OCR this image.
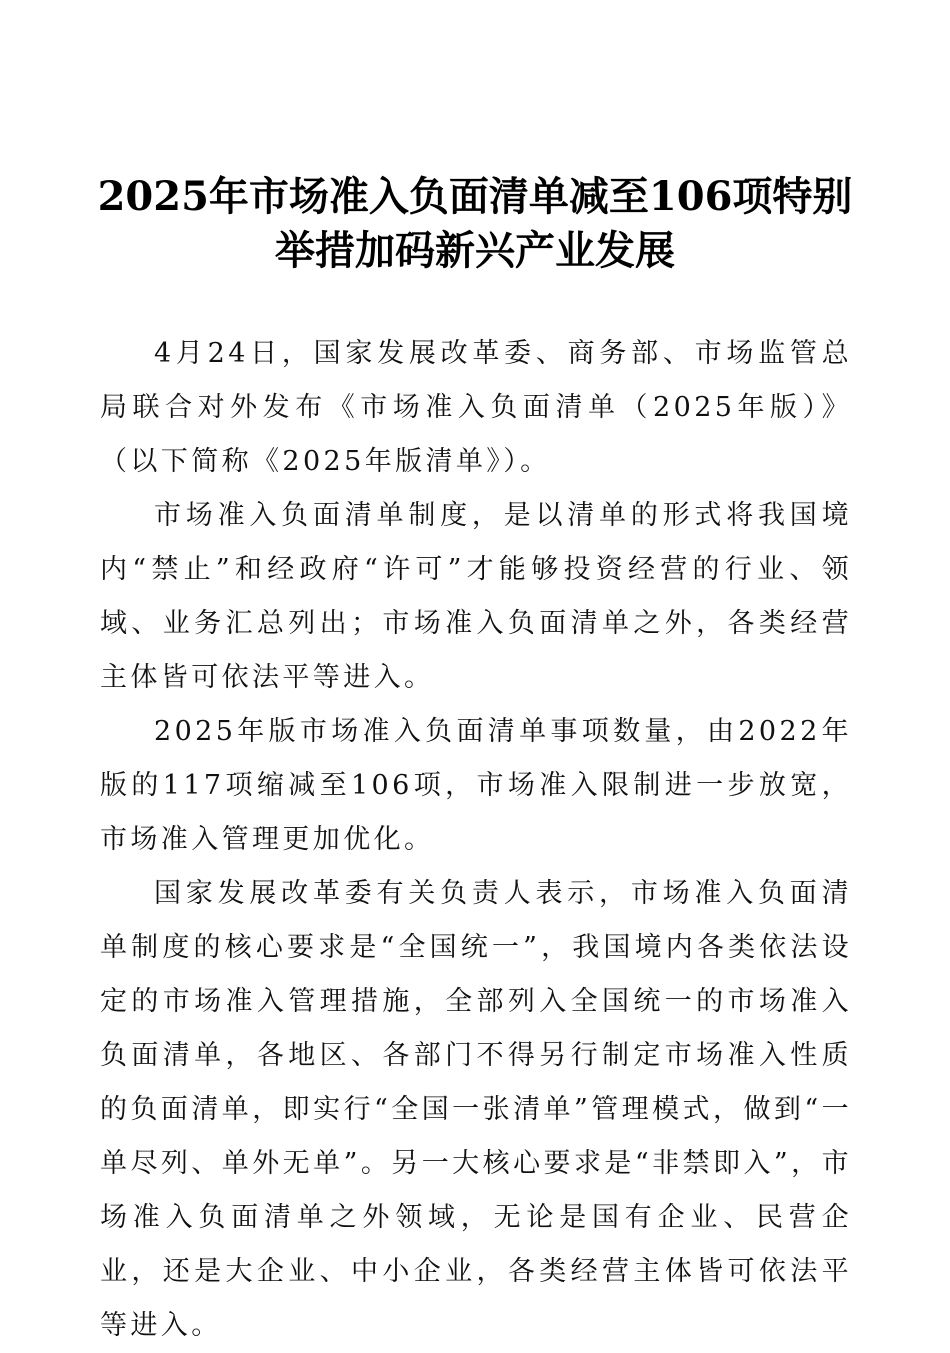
2025年市场准入负面清单减至106项特别举措加码新兴产业发展

4月24日，国家发展改革委、商务部、市场监管总局联合对外发布《市场准入负面清单（2025年版）》（以下简称《2025年版清单》）。

市场准入负面清单制度，是以清单的形式将我国境内“禁止”和经政府“许可”才能够投资经营的行业、领域、业务汇总列出；市场准入负面清单之外，各类经营主体皆可依法平等进入。

2025年版市场准入负面清单事项数量，由2022年版的117项缩减至106项，市场准入限制进一步放宽，市场准入管理更加优化。

国家发展改革委有关负责人表示，市场准入负面清单制度的核心要求是“全国统一”，我国境内各类依法设定的市场准入管理措施，全部列入全国统一的市场准入负面清单，各地区、各部门不得另行制定市场准入性质的负面清单，即实行“全国一张清单”管理模式，做到“一单尽列、单外无单”。另一大核心要求是“非禁即入”，市场准入负面清单之外领域，无论是国有企业、民营企业，还是大企业、中小企业，各类经营主体皆可依法平等进入。
